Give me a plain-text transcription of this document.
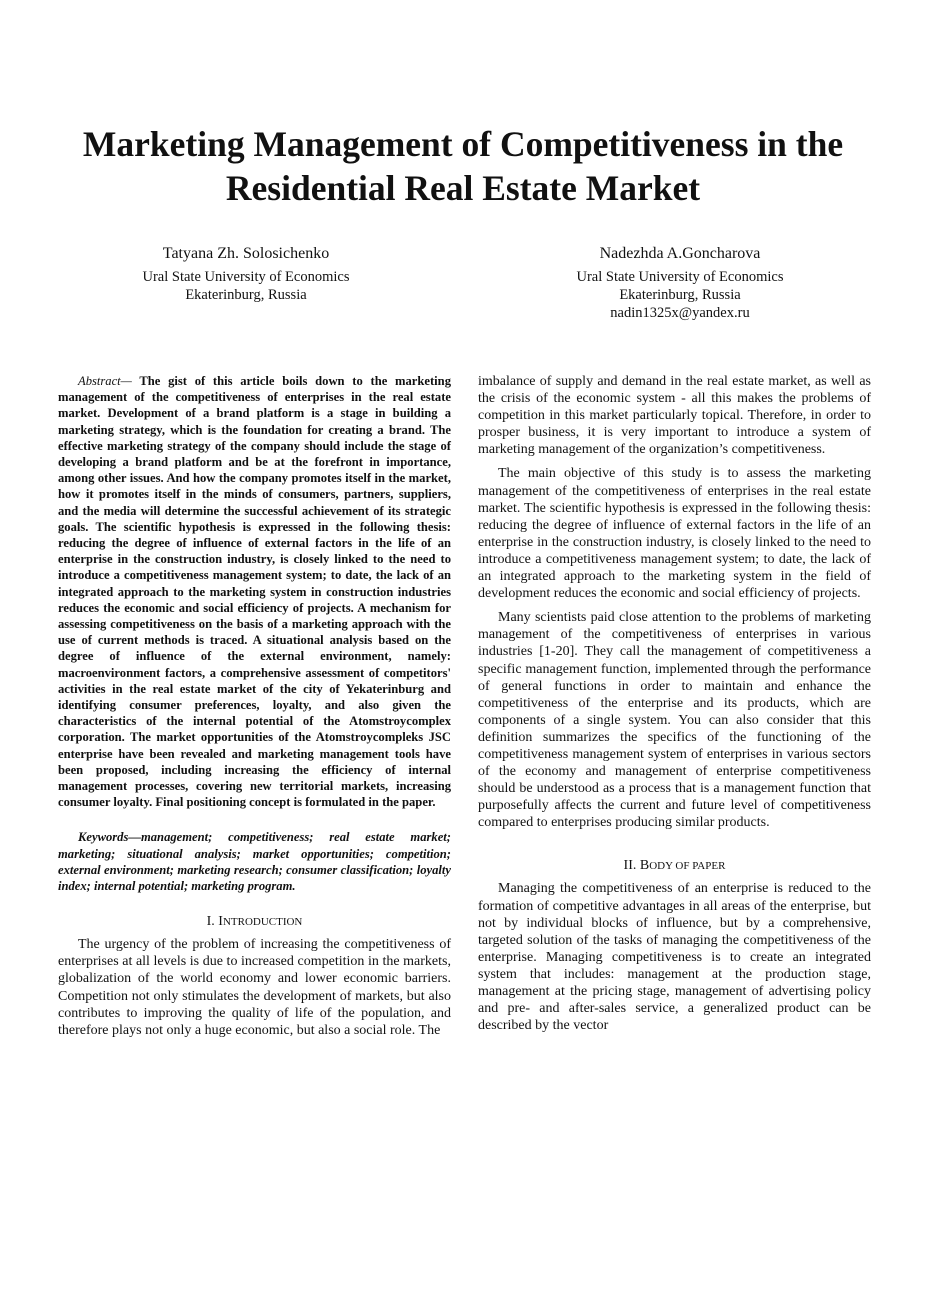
Marketing Management of Competitiveness in the Residential Real Estate Market
Tatyana Zh. Solosichenko
Ural State University of Economics
Ekaterinburg, Russia
Nadezhda A.Goncharova
Ural State University of Economics
Ekaterinburg, Russia
nadin1325x@yandex.ru

Abstract— The gist of this article boils down to the marketing management of the competitiveness of enterprises in the real estate market. Development of a brand platform is a stage in building a marketing strategy, which is the foundation for creating a brand. The effective marketing strategy of the company should include the stage of developing a brand platform and be at the forefront in importance, among other issues. And how the company promotes itself in the market, how it promotes itself in the minds of consumers, partners, suppliers, and the media will determine the successful achievement of its strategic goals. The scientific hypothesis is expressed in the following thesis: reducing the degree of influence of external factors in the life of an enterprise in the construction industry, is closely linked to the need to introduce a competitiveness management system; to date, the lack of an integrated approach to the marketing system in construction industries reduces the economic and social efficiency of projects. A mechanism for assessing competitiveness on the basis of a marketing approach with the use of current methods is traced. A situational analysis based on the degree of influence of the external environment, namely: macroenvironment factors, a comprehensive assessment of competitors' activities in the real estate market of the city of Yekaterinburg and identifying consumer preferences, loyalty, and also given the characteristics of the internal potential of the Atomstroycomplex corporation. The market opportunities of the Atomstroycompleks JSC enterprise have been revealed and marketing management tools have been proposed, including increasing the efficiency of internal management processes, covering new territorial markets, increasing consumer loyalty. Final positioning concept is formulated in the paper.

Keywords—management; competitiveness; real estate market; marketing; situational analysis; market opportunities; competition; external environment; marketing research; consumer classification; loyalty index; internal potential; marketing program.

I. INTRODUCTION

The urgency of the problem of increasing the competitiveness of enterprises at all levels is due to increased competition in the markets, globalization of the world economy and lower economic barriers. Competition not only stimulates the development of markets, but also contributes to improving the quality of life of the population, and therefore plays not only a huge economic, but also a social role. The

imbalance of supply and demand in the real estate market, as well as the crisis of the economic system - all this makes the problems of competition in this market particularly topical. Therefore, in order to prosper business, it is very important to introduce a system of marketing management of the organization’s competitiveness.

The main objective of this study is to assess the marketing management of the competitiveness of enterprises in the real estate market. The scientific hypothesis is expressed in the following thesis: reducing the degree of influence of external factors in the life of an enterprise in the construction industry, is closely linked to the need to introduce a competitiveness management system; to date, the lack of an integrated approach to the marketing system in the field of development reduces the economic and social efficiency of projects.

Many scientists paid close attention to the problems of marketing management of the competitiveness of enterprises in various industries [1-20]. They call the management of competitiveness a specific management function, implemented through the performance of general functions in order to maintain and enhance the competitiveness of the enterprise and its products, which are components of a single system. You can also consider that this definition summarizes the specifics of the functioning of the competitiveness management system of enterprises in various sectors of the economy and management of enterprise competitiveness should be understood as a process that is a management function that purposefully affects the current and future level of competitiveness compared to enterprises producing similar products.

II. BODY OF PAPER

Managing the competitiveness of an enterprise is reduced to the formation of competitive advantages in all areas of the enterprise, but not by individual blocks of influence, but by a comprehensive, targeted solution of the tasks of managing the competitiveness of the enterprise. Managing competitiveness is to create an integrated system that includes: management at the production stage, management at the pricing stage, management of advertising policy and pre- and after-sales service, a generalized product can be described by the vector
